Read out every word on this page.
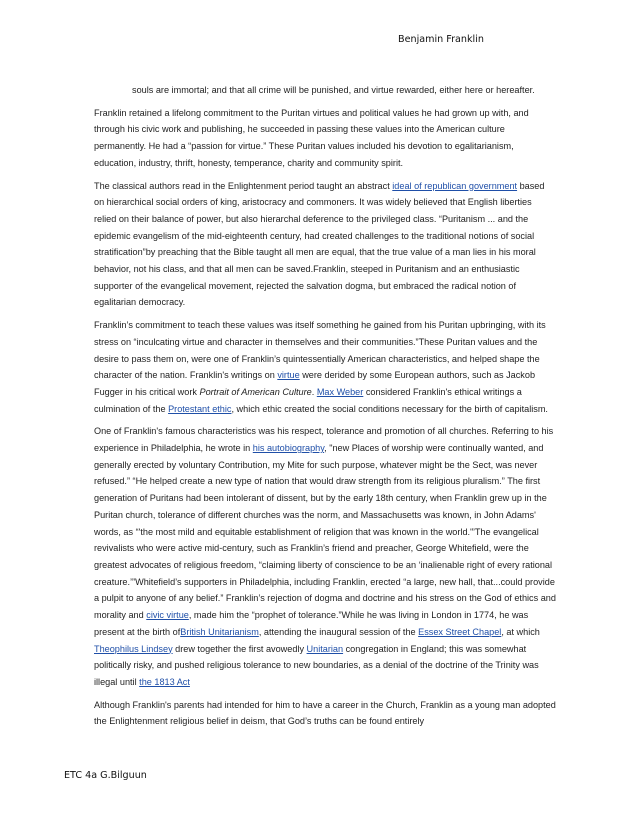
Benjamin Franklin

souls are immortal; and that all crime will be punished, and virtue rewarded, either here or hereafter.

Franklin retained a lifelong commitment to the Puritan virtues and political values he had grown up with, and through his civic work and publishing, he succeeded in passing these values into the American culture permanently. He had a “passion for virtue.” These Puritan values included his devotion to egalitarianism, education, industry, thrift, honesty, temperance, charity and community spirit.

The classical authors read in the Enlightenment period taught an abstract ideal of republican government based on hierarchical social orders of king, aristocracy and commoners. It was widely believed that English liberties relied on their balance of power, but also hierarchal deference to the privileged class. “Puritanism ... and the epidemic evangelism of the mid-eighteenth century, had created challenges to the traditional notions of social stratification”by preaching that the Bible taught all men are equal, that the true value of a man lies in his moral behavior, not his class, and that all men can be saved.Franklin, steeped in Puritanism and an enthusiastic supporter of the evangelical movement, rejected the salvation dogma, but embraced the radical notion of egalitarian democracy.

Franklin’s commitment to teach these values was itself something he gained from his Puritan upbringing, with its stress on “inculcating virtue and character in themselves and their communities.”These Puritan values and the desire to pass them on, were one of Franklin’s quintessentially American characteristics, and helped shape the character of the nation. Franklin's writings on virtue were derided by some European authors, such as Jackob Fugger in his critical work Portrait of American Culture. Max Weber considered Franklin's ethical writings a culmination of the Protestant ethic, which ethic created the social conditions necessary for the birth of capitalism.

One of Franklin's famous characteristics was his respect, tolerance and promotion of all churches. Referring to his experience in Philadelphia, he wrote in his autobiography, "new Places of worship were continually wanted, and generally erected by voluntary Contribution, my Mite for such purpose, whatever might be the Sect, was never refused.” “He helped create a new type of nation that would draw strength from its religious pluralism.” The first generation of Puritans had been intolerant of dissent, but by the early 18th century, when Franklin grew up in the Puritan church, tolerance of different churches was the norm, and Massachusetts was known, in John Adams' words, as “'the most mild and equitable establishment of religion that was known in the world.'”The evangelical revivalists who were active mid-century, such as Franklin’s friend and preacher, George Whitefield, were the greatest advocates of religious freedom, “claiming liberty of conscience to be an ‘inalienable right of every rational creature.’”Whitefield’s supporters in Philadelphia, including Franklin, erected “a large, new hall, that...could provide a pulpit to anyone of any belief.” Franklin’s rejection of dogma and doctrine and his stress on the God of ethics and morality and civic virtue, made him the “prophet of tolerance.”While he was living in London in 1774, he was present at the birth ofBritish Unitarianism, attending the inaugural session of the Essex Street Chapel, at which Theophilus Lindsey drew together the first avowedly Unitarian congregation in England; this was somewhat politically risky, and pushed religious tolerance to new boundaries, as a denial of the doctrine of the Trinity was illegal until the 1813 Act

Although Franklin's parents had intended for him to have a career in the Church, Franklin as a young man adopted the Enlightenment religious belief in deism, that God’s truths can be found entirely

ETC 4a G.Bilguun
